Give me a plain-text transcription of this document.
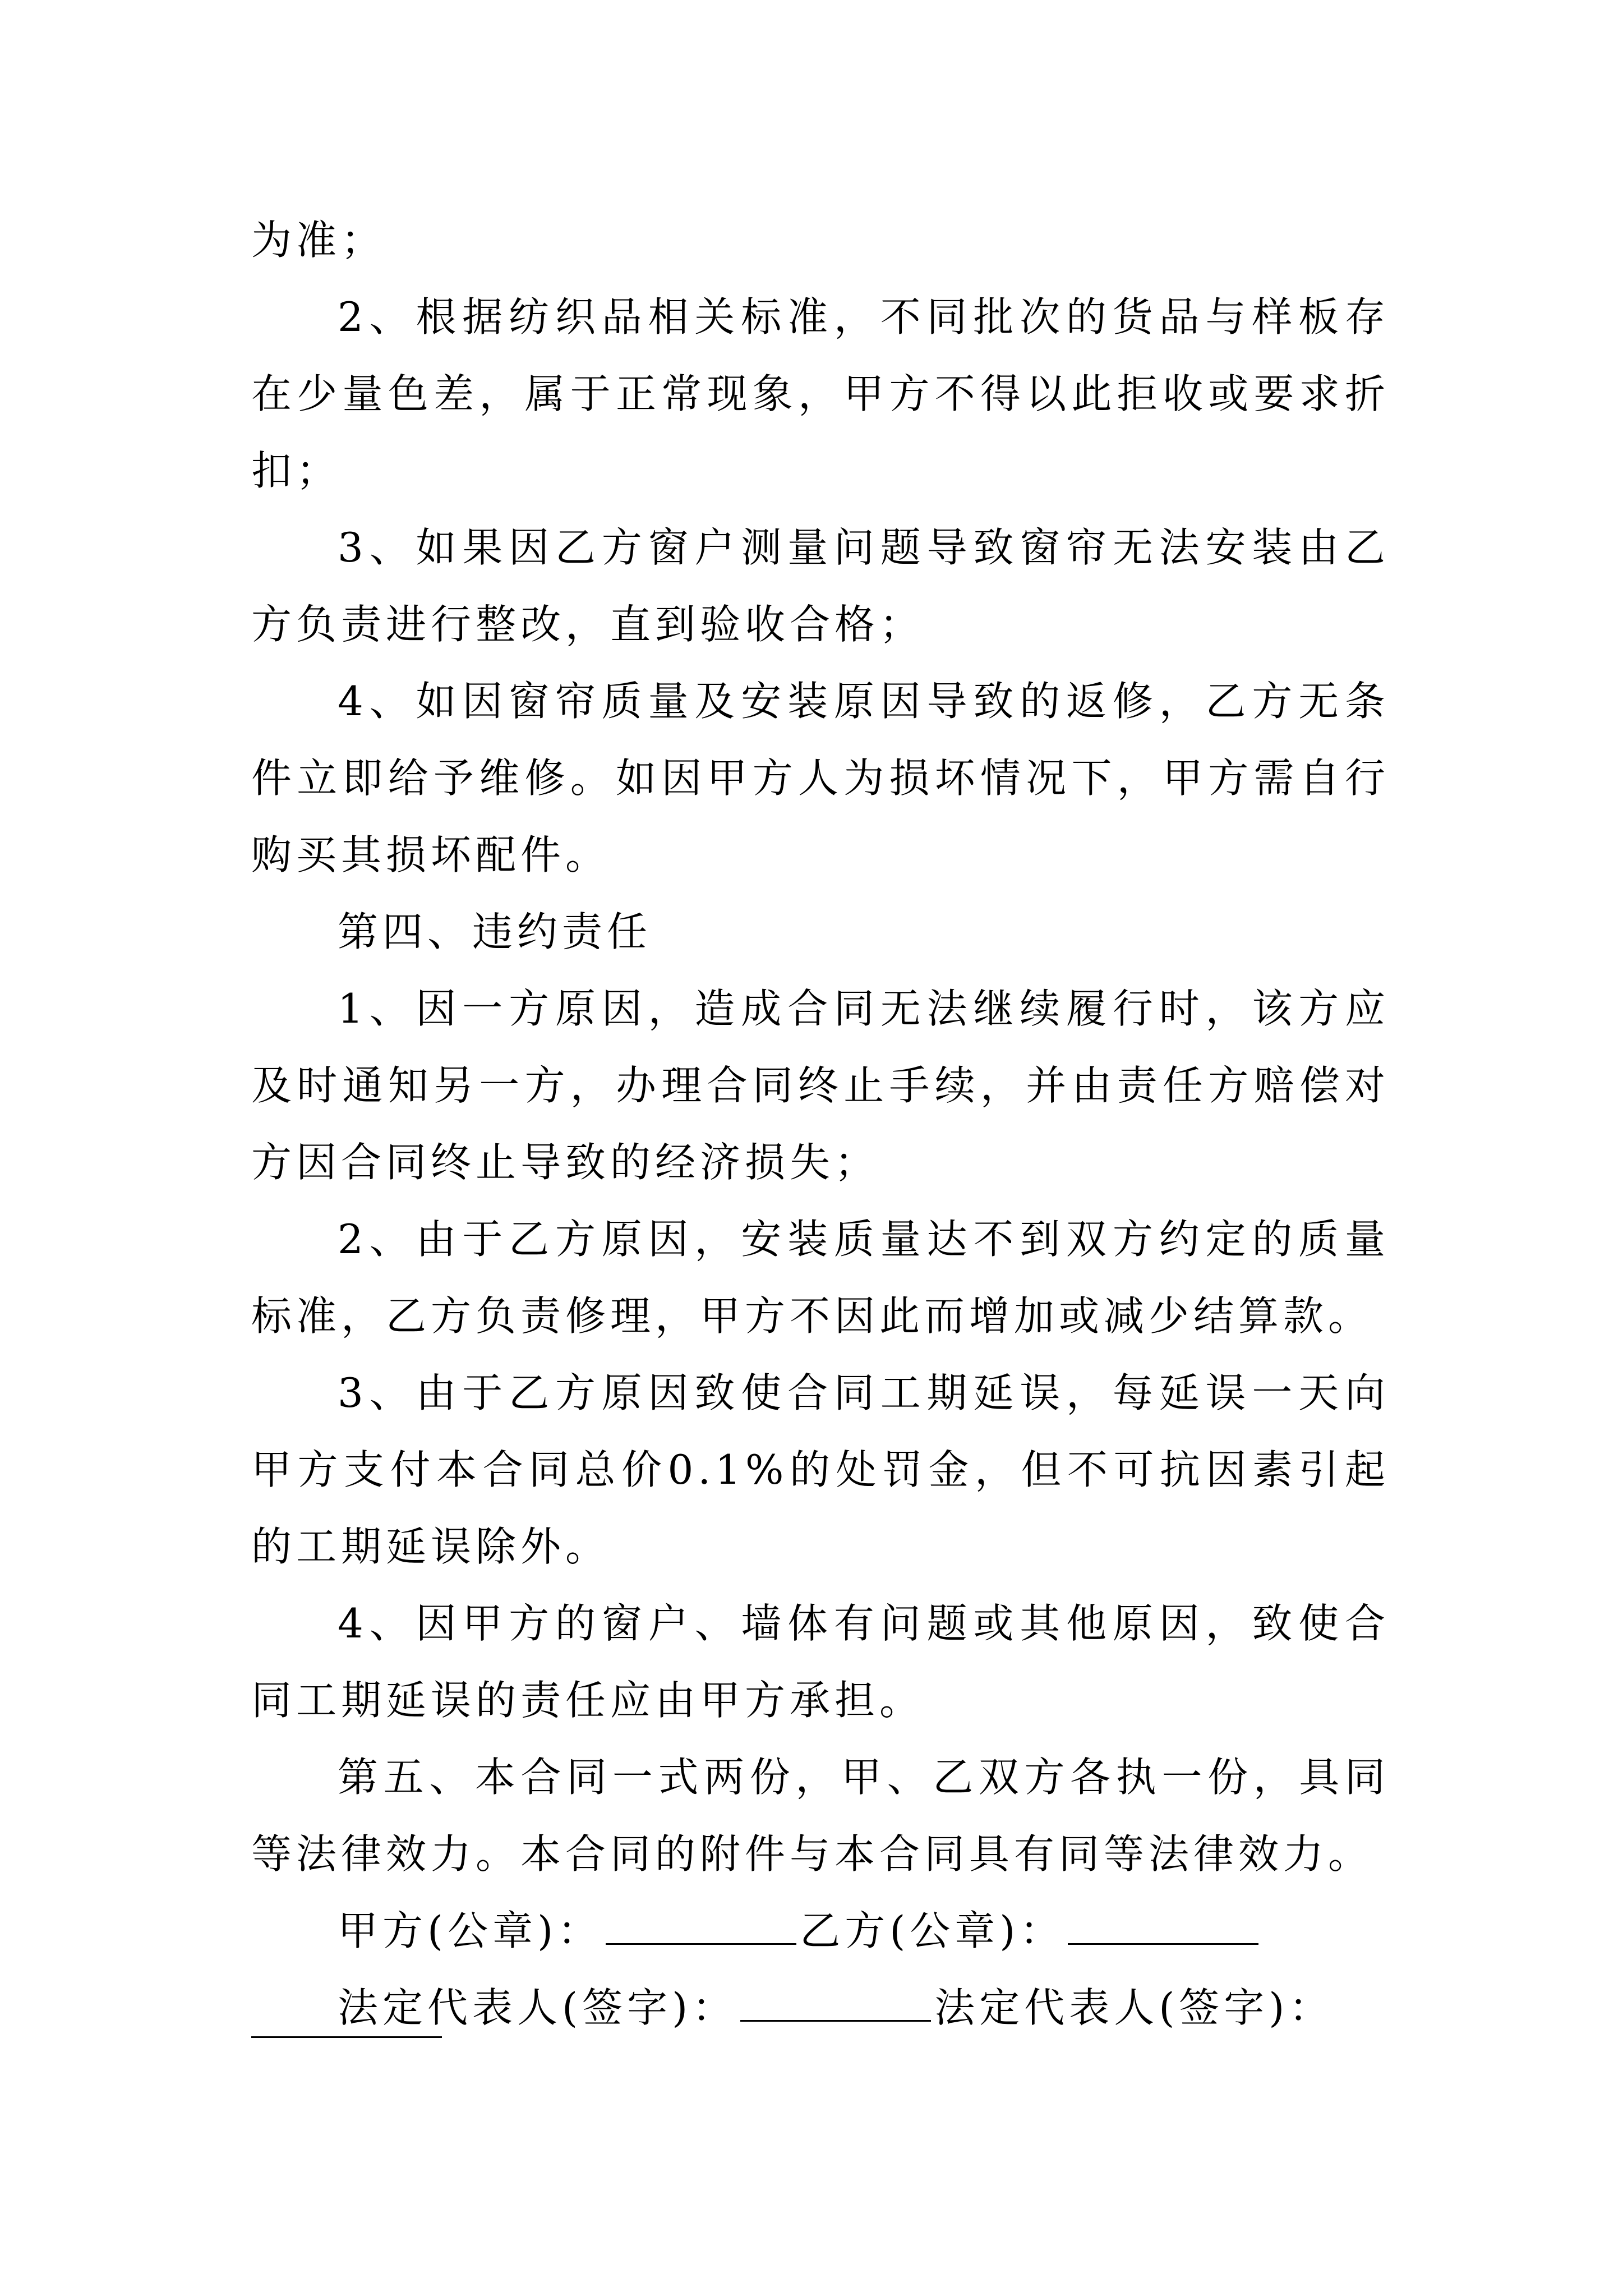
为准；

2、根据纺织品相关标准，不同批次的货品与样板存在少量色差，属于正常现象，甲方不得以此拒收或要求折扣；

3、如果因乙方窗户测量问题导致窗帘无法安装由乙方负责进行整改，直到验收合格；

4、如因窗帘质量及安装原因导致的返修，乙方无条件立即给予维修。如因甲方人为损坏情况下，甲方需自行购买其损坏配件。

第四、违约责任

1、因一方原因，造成合同无法继续履行时，该方应及时通知另一方，办理合同终止手续，并由责任方赔偿对方因合同终止导致的经济损失；

2、由于乙方原因，安装质量达不到双方约定的质量标准，乙方负责修理，甲方不因此而增加或减少结算款。

3、由于乙方原因致使合同工期延误，每延误一天向甲方支付本合同总价0.1%的处罚金，但不可抗因素引起的工期延误除外。

4、因甲方的窗户、墙体有问题或其他原因，致使合同工期延误的责任应由甲方承担。

第五、本合同一式两份，甲、乙双方各执一份，具同等法律效力。本合同的附件与本合同具有同等法律效力。

甲方(公章)：	乙方(公章)：

法定代表人(签字)：	法定代表人(签字)：
